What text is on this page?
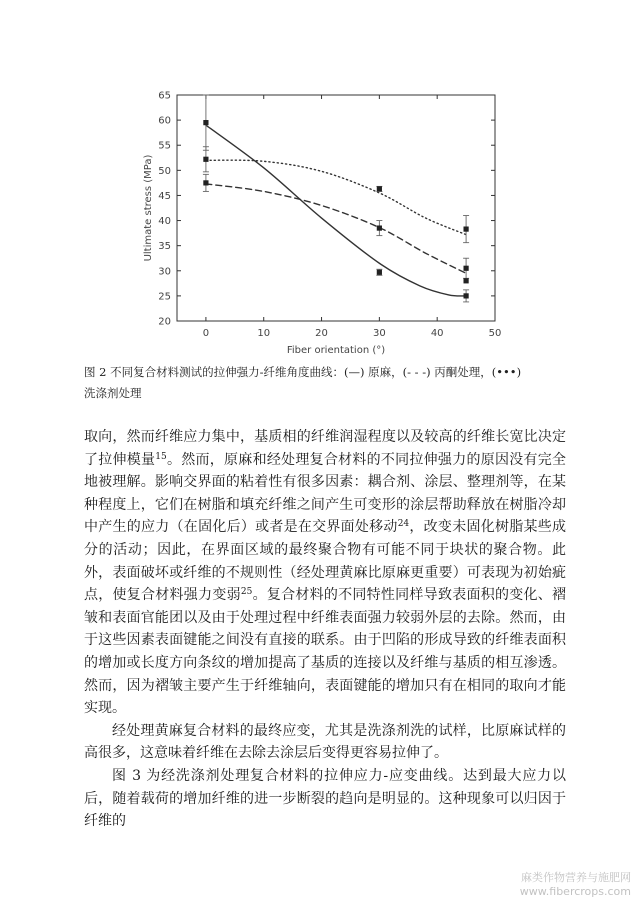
0	10	20	30	40	50
20
25
30
35
40
45
50
55
60
65
Fiber orientation (°)
Ultimate stress (MPa)
图 2 不同复合材料测试的拉伸强力-纤维角度曲线：(—) 原麻，(- - -) 丙酮处理，(•••)
洗涤剂处理

取向，然而纤维应力集中，基质相的纤维润湿程度以及较高的纤维长宽比决定了拉伸模量$^{15}$。然而，原麻和经处理复合材料的不同拉伸强力的原因没有完全地被理解。影响交界面的粘着性有很多因素：耦合剂、涂层、整理剂等，在某种程度上，它们在树脂和填充纤维之间产生可变形的涂层帮助释放在树脂冷却中产生的应力（在固化后）或者是在交界面处移动$^{24}$，改变未固化树脂某些成分的活动；因此，在界面区域的最终聚合物有可能不同于块状的聚合物。此外，表面破坏或纤维的不规则性（经处理黄麻比原麻更重要）可表现为初始疵点，使复合材料强力变弱$^{25}$。复合材料的不同特性同样导致表面积的变化、褶皱和表面官能团以及由于处理过程中纤维表面强力较弱外层的去除。然而，由于这些因素表面键能之间没有直接的联系。由于凹陷的形成导致的纤维表面积的增加或长度方向条纹的增加提高了基质的连接以及纤维与基质的相互渗透。然而，因为褶皱主要产生于纤维轴向，表面键能的增加只有在相同的取向才能实现。

经处理黄麻复合材料的最终应变，尤其是洗涤剂洗的试样，比原麻试样的高很多，这意味着纤维在去除去涂层后变得更容易拉伸了。

图 3 为经洗涤剂处理复合材料的拉伸应力-应变曲线。达到最大应力以后，随着载荷的增加纤维的进一步断裂的趋向是明显的。这种现象可以归因于纤维的

麻类作物营养与施肥网
www.fibercrops.com
